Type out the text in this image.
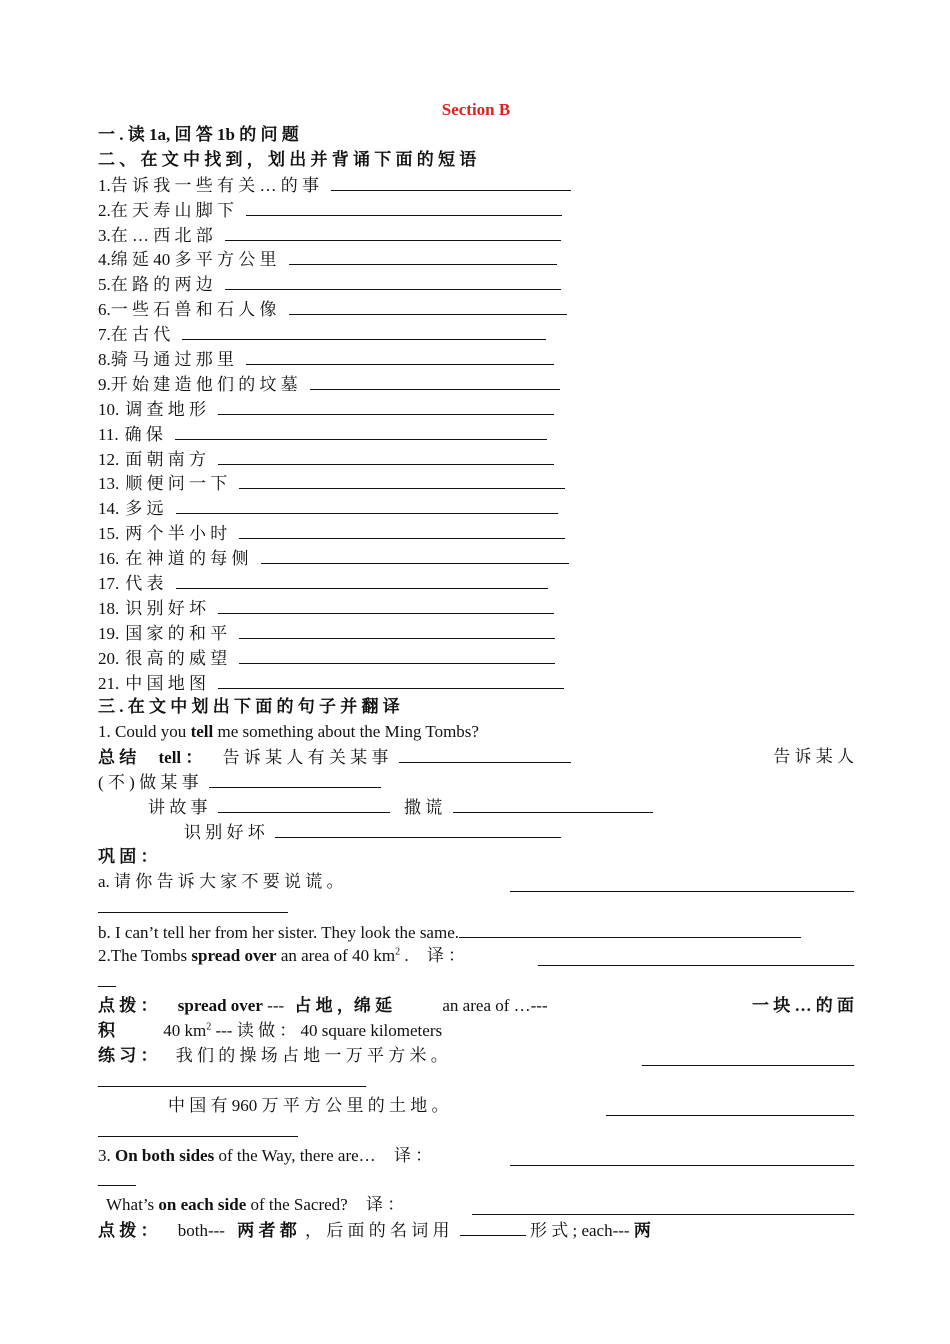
Section B
一 . 读 1a, 回 答 1b 的 问 题
二 、 在 文 中 找 到 ， 划 出 并 背 诵 下 面 的 短 语
1.告 诉 我 一 些 有 关 … 的 事
2.在 天 寿 山 脚 下
3.在 … 西 北 部
4.绵 延 40 多 平 方 公 里
5.在 路 的 两 边
6.一 些 石 兽 和 石 人 像
7.在 古 代
8.骑 马 通 过 那 里
9.开 始 建 造 他 们 的 坟 墓
10. 调 查 地 形
11. 确 保
12. 面 朝 南 方
13. 顺 便 问 一 下
14. 多 远
15. 两 个 半 小 时
16. 在 神 道 的 每 侧
17. 代 表
18. 识 别 好 坏
19. 国 家 的 和 平
20. 很 高 的 威 望
21. 中 国 地 图
三 . 在 文 中 划 出 下 面 的 句 子 并 翻 译
1. Could you tell me something about the Ming Tombs?
总 结 tell ： 告 诉 某 人 有 关 某 事	告 诉 某 人
( 不 ) 做 某 事
讲 故 事	撒 谎
识 别 好 坏
巩 固 ：
a. 请 你 告 诉 大 家 不 要 说 谎 。
b. I can’t tell her from her sister. They look the same.
2.The Tombs spread over an area of 40 $km^2$ . 译 ：
点 拨 ： spread over --- 占 地 ，绵 延	an area of …---	一 块 … 的 面
积	40 $km^2$ --- 读 做 ： 40 square kilometers
练 习 ： 我 们 的 操 场 占 地 一 万 平 方 米 。
中 国 有 960 万 平 方 公 里 的 土 地 。
3. On both sides of the Way, there are… 译 ：
What’s on each side of the Sacred? 译 ：
点 拨 ： both--- 两 者 都 ， 后 面 的 名 词 用	形 式 ; each--- 两
